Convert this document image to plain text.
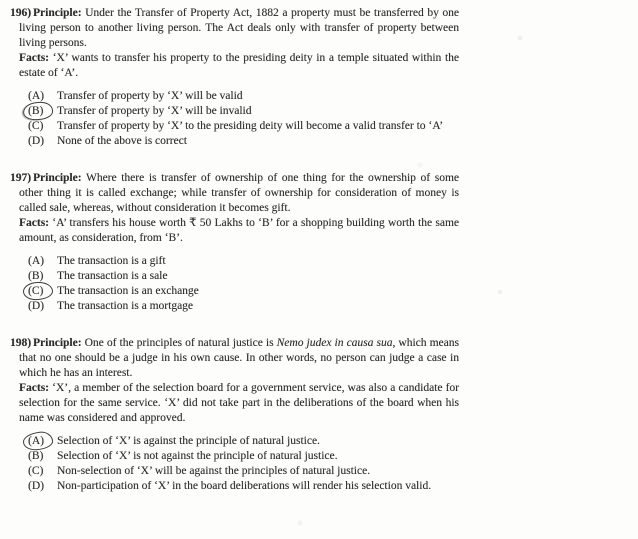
196) Principle: Under the Transfer of Property Act, 1882 a property must be transferred by one living person to another living person. The Act deals only with transfer of property between living persons.

Facts: ‘X’ wants to transfer his property to the presiding deity in a temple situated within the estate of ‘A’.

(A)	Transfer of property by ‘X’ will be valid
(B)	Transfer of property by ‘X’ will be invalid
(C)	Transfer of property by ‘X’ to the presiding deity will become a valid transfer to ‘A’
(D)	None of the above is correct
197) Principle: Where there is transfer of ownership of one thing for the ownership of some other thing it is called exchange; while transfer of ownership for consideration of money is called sale, whereas, without consideration it becomes gift.

Facts: ‘A’ transfers his house worth ₹ 50 Lakhs to ‘B’ for a shopping building worth the same amount, as consideration, from ‘B’.

(A)	The transaction is a gift
(B)	The transaction is a sale
(C)	The transaction is an exchange
(D)	The transaction is a mortgage
198) Principle: One of the principles of natural justice is Nemo judex in causa sua, which means that no one should be a judge in his own cause. In other words, no person can judge a case in which he has an interest.

Facts: ‘X’, a member of the selection board for a government service, was also a candidate for selection for the same service. ‘X’ did not take part in the deliberations of the board when his name was considered and approved.

(A)	Selection of ‘X’ is against the principle of natural justice.
(B)	Selection of ‘X’ is not against the principle of natural justice.
(C)	Non-selection of ‘X’ will be against the principles of natural justice.
(D)	Non-participation of ‘X’ in the board deliberations will render his selection valid.
